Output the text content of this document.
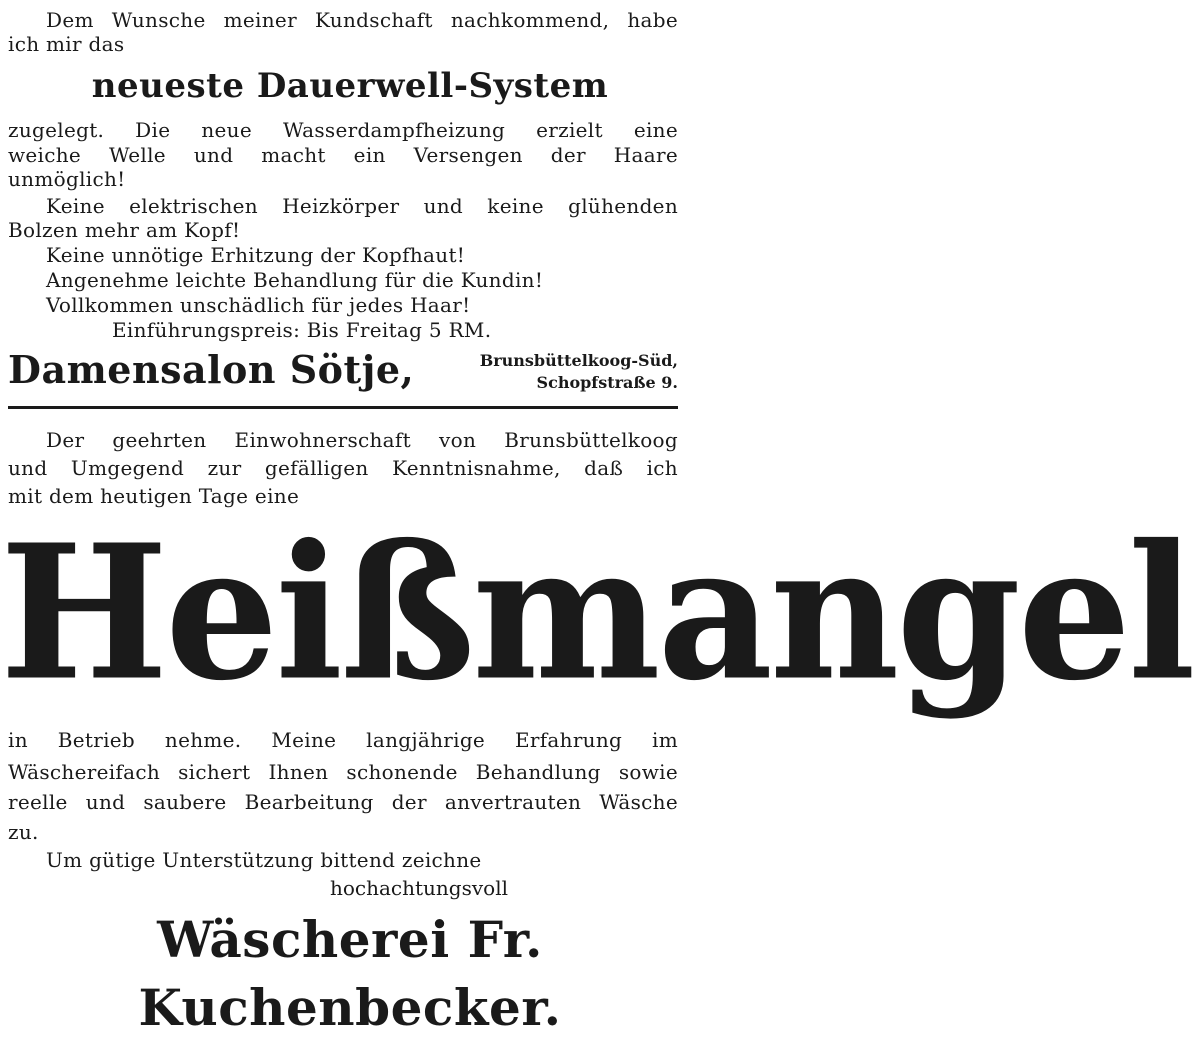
Dem Wunsche meiner Kundschaft nachkommend, habe
ich mir das
neueste Dauerwell-System
zugelegt. Die neue Wasserdampfheizung erzielt eine
weiche Welle und macht ein Versengen der Haare
unmöglich!
Keine elektrischen Heizkörper und keine glühenden
Bolzen mehr am Kopf!
Keine unnötige Erhitzung der Kopfhaut!
Angenehme leichte Behandlung für die Kundin!
Vollkommen unschädlich für jedes Haar!
Einführungspreis: Bis Freitag 5 RM.
Damensalon Sötje,	Brunsbüttelkoog-Süd,
Schopfstraße 9.
Der geehrten Einwohnerschaft von Brunsbüttelkoog
und Umgegend zur gefälligen Kenntnisnahme, daß ich
mit dem heutigen Tage eine
Heißmangel
in Betrieb nehme. Meine langjährige Erfahrung im
Wäschereifach sichert Ihnen schonende Behandlung sowie
reelle und saubere Bearbeitung der anvertrauten Wäsche
zu.
Um gütige Unterstützung bittend zeichne
hochachtungsvoll
Wäscherei Fr. Kuchenbecker.
